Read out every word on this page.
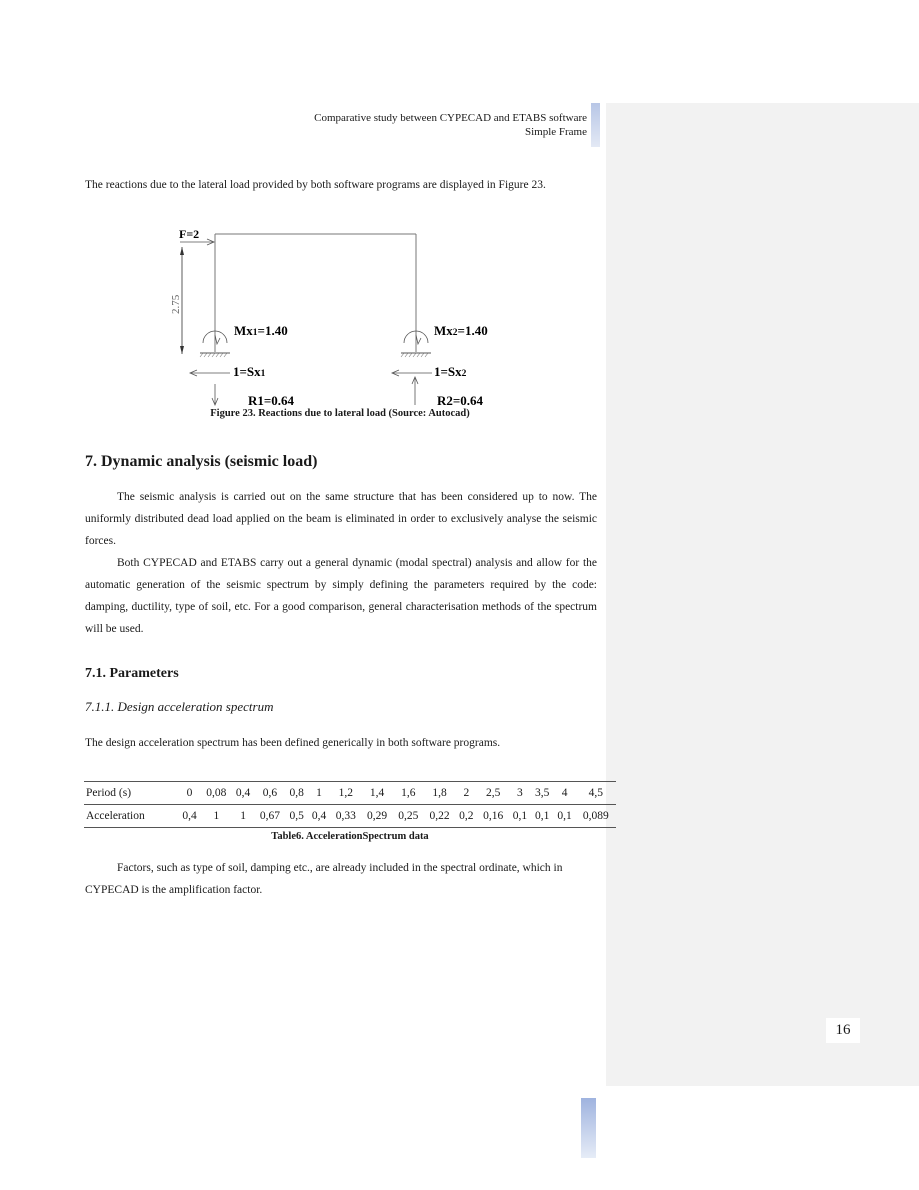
Comparative study between CYPECAD and ETABS software
Simple Frame

The reactions due to the lateral load provided by both software programs are displayed in Figure 23.

F=2
2.75
Mx1=1.40	Mx2=1.40
1=Sx1	1=Sx2
R1=0.64	R2=0.64

Figure 23. Reactions due to lateral load (Source: Autocad)

7. Dynamic analysis (seismic load)

The seismic analysis is carried out on the same structure that has been considered up to now. The uniformly distributed dead load applied on the beam is eliminated in order to exclusively analyse the seismic forces.

Both CYPECAD and ETABS carry out a general dynamic (modal spectral) analysis and allow for the automatic generation of the seismic spectrum by simply defining the parameters required by the code: damping, ductility, type of soil, etc. For a good comparison, general characterisation methods of the spectrum will be used.

7.1. Parameters
7.1.1. Design acceleration spectrum

The design acceleration spectrum has been defined generically in both software programs.

Period (s)	0	0,08	0,4	0,6	0,8	1	1,2	1,4	1,6	1,8	2	2,5	3	3,5	4	4,5
Acceleration	0,4	1	1	0,67	0,5	0,4	0,33	0,29	0,25	0,22	0,2	0,16	0,1	0,1	0,1	0,089

Table6. AccelerationSpectrum data

Factors, such as type of soil, damping etc., are already included in the spectral ordinate, which in CYPECAD is the amplification factor.

16
